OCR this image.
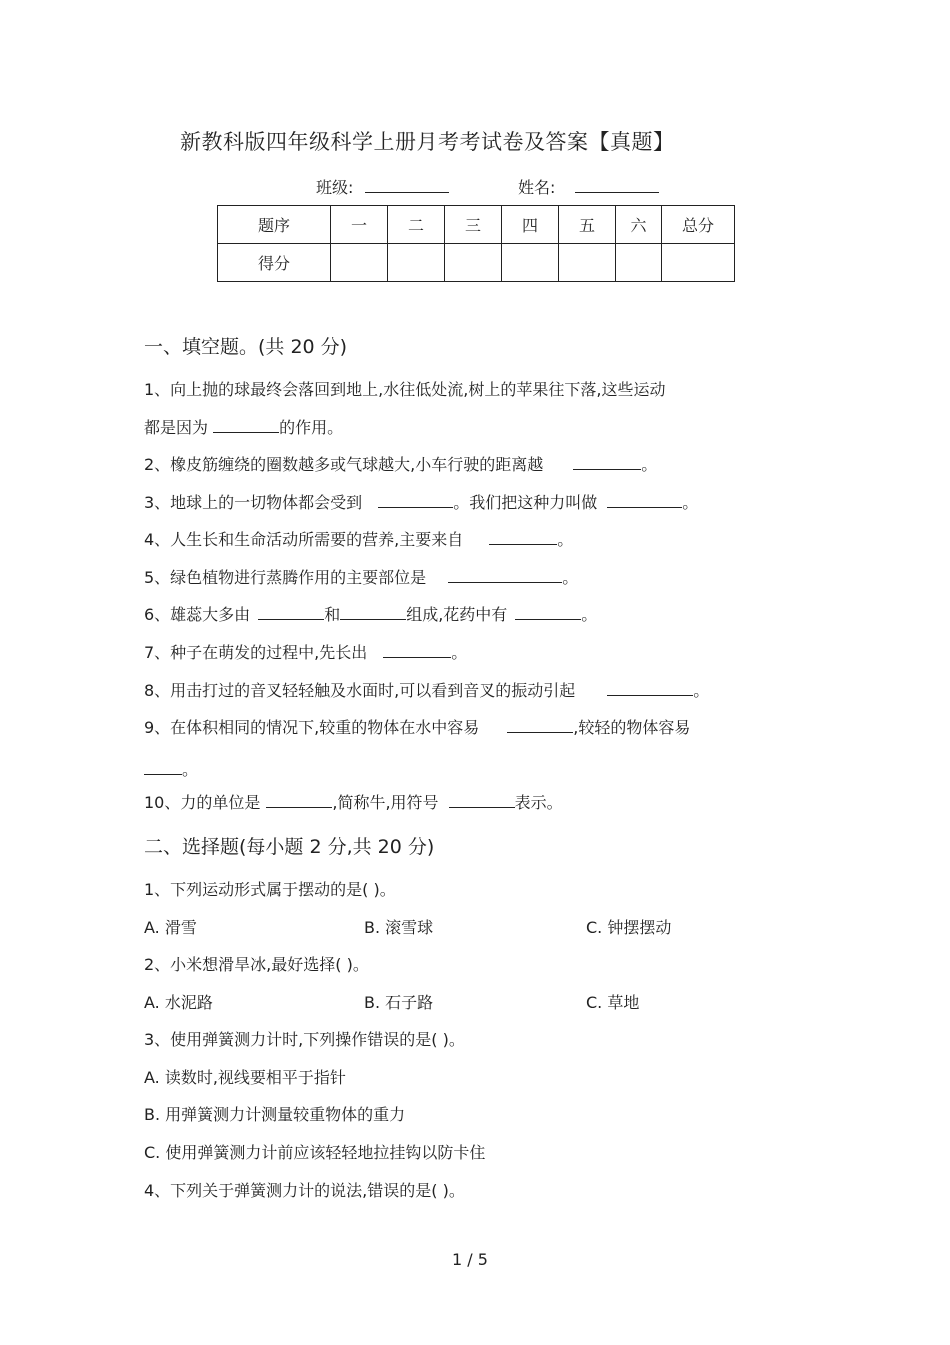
新教科版四年级科学上册月考考试卷及答案【真题】
班级:	姓名:
题序	一	二	三	四	五	六	总分
得分							
一、填空题。(共 20 分)
1、向上抛的球最终会落回到地上,水往低处流,树上的苹果往下落,这些运动
都是因为	的作用。
2、橡皮筋缠绕的圈数越多或气球越大,小车行驶的距离越	。
3、地球上的一切物体都会受到	。我们把这种力叫做	。
4、人生长和生命活动所需要的营养,主要来自	。
5、绿色植物进行蒸腾作用的主要部位是	。
6、雄蕊大多由	和	组成,花药中有	。
7、种子在萌发的过程中,先长出	。
8、用击打过的音叉轻轻触及水面时,可以看到音叉的振动引起	。
9、在体积相同的情况下,较重的物体在水中容易	,较轻的物体容易
。
10、力的单位是	,简称牛,用符号	表示。
二、选择题(每小题 2 分,共 20 分)
1、下列运动形式属于摆动的是( )。
A. 滑雪	B. 滚雪球	C. 钟摆摆动
2、小米想滑旱冰,最好选择( )。
A. 水泥路	B. 石子路	C. 草地
3、使用弹簧测力计时,下列操作错误的是( )。
A. 读数时,视线要相平于指针
B. 用弹簧测力计测量较重物体的重力
C. 使用弹簧测力计前应该轻轻地拉挂钩以防卡住
4、下列关于弹簧测力计的说法,错误的是( )。
1 / 5
